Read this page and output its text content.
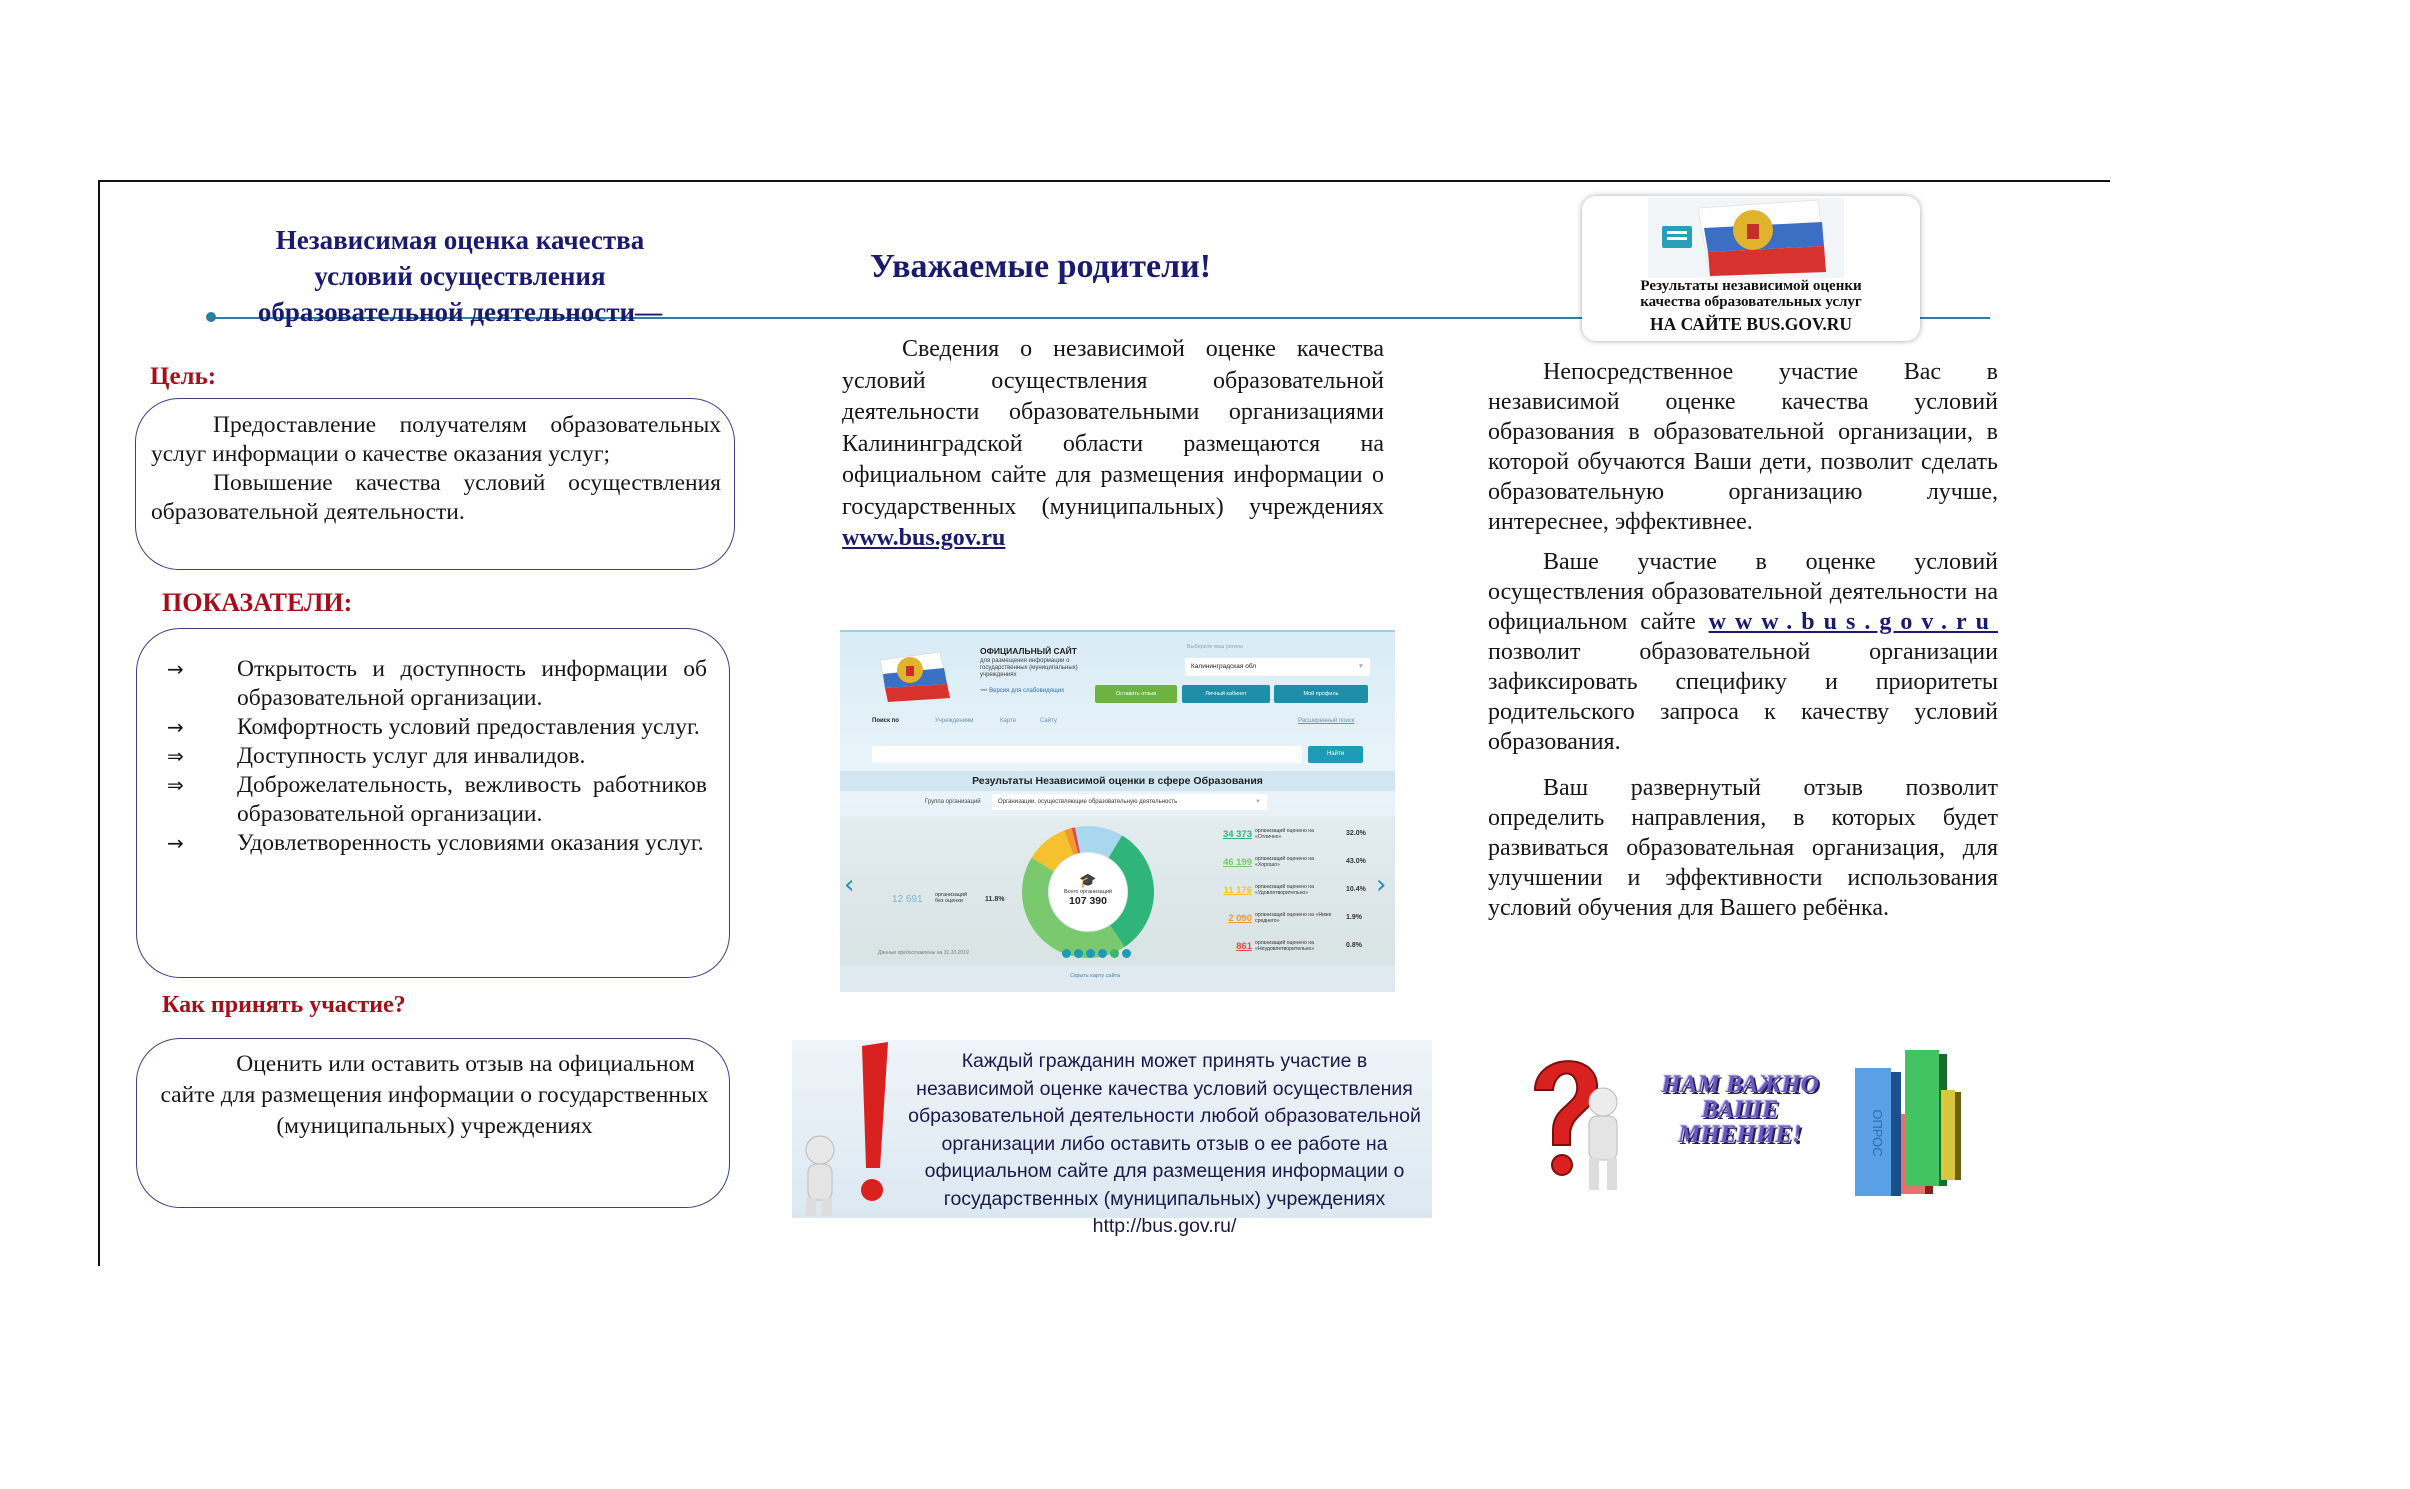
Независимая оценка качества
условий осуществления
образовательной деятельности—
Цель:
Предоставление получателям образовательных услуг информации о качестве оказания услуг;
Повышение качества условий осуществления образовательной деятельности.
ПОКАЗАТЕЛИ:
→	Открытость и доступность информации об образовательной организации.
→	Комфортность условий предоставления услуг.
⇒	Доступность услуг для инвалидов.
⇒	Доброжелательность, вежливость работников образовательной организации.
→	Удовлетворенность условиями оказания услуг.
Как принять участие?
Оценить или оставить отзыв на официальном сайте для размещения информации о государственных (муниципальных) учреждениях
Уважаемые родители!
Сведения о независимой оценке качества условий осуществления образовательной деятельности образовательными организациями Калининградской области размещаются на официальном сайте для размещения информации о государственных (муниципальных) учреждениях www.bus.gov.ru
ОФИЦИАЛЬНЫЙ САЙТ
для размещения информации о государственных (муниципальных) учреждениях
👓 Версия для слабовидящих
Выберите ваш регион
Калининградская обл	▼
Оставить отзыв	Личный кабинет	Мой профиль
Поиск по	Учреждениям	Карте	Сайту	Расширенный поиск
Найти
Результаты Независимой оценки в сфере Образования
Группа организаций	Организации, осуществляющие образовательную деятельность	▼
‹	›
🎓
Всего организаций
107 390
12 691 организаций без оценки	11.8%
34 373 организаций оценено на «Отлично»	32.0%
46 199 организаций оценено на «Хорошо»	43.0%
11 176 организаций оценено на «Удовлетворительно»	10.4%
2 090 организаций оценено на «Ниже среднего»	1.9%
861 организаций оценено на «Неудовлетворительно»	0.8%
Данные предоставлены на 31.10.2019
Скрыть карту сайта
Каждый гражданин может принять участие в независимой оценке качества условий осуществления образовательной деятельности любой образовательной организации либо оставить отзыв о ее работе на официальном сайте для размещения информации о государственных (муниципальных) учреждениях http://bus.gov.ru/
Результаты независимой оценки
качества образовательных услуг
НА САЙТЕ BUS.GOV.RU

Непосредственное участие Вас в независимой оценке качества условий образования в образовательной организации, в которой обучаются Ваши дети, позволит сделать образовательную организацию лучше, интереснее, эффективнее.

Ваше участие в оценке условий осуществления образовательной деятельности на официальном сайте www.bus.gov.ru позволит образовательной организации зафиксировать специфику и приоритеты родительского запроса к качеству условий образования.

Ваш развернутый отзыв позволит определить направления, в которых будет развиваться образовательная организация, для улучшении и эффективности использования условий обучения для Вашего ребёнка.

НАМ ВАЖНО ВАШЕ МНЕНИЕ!	ОПРОС
